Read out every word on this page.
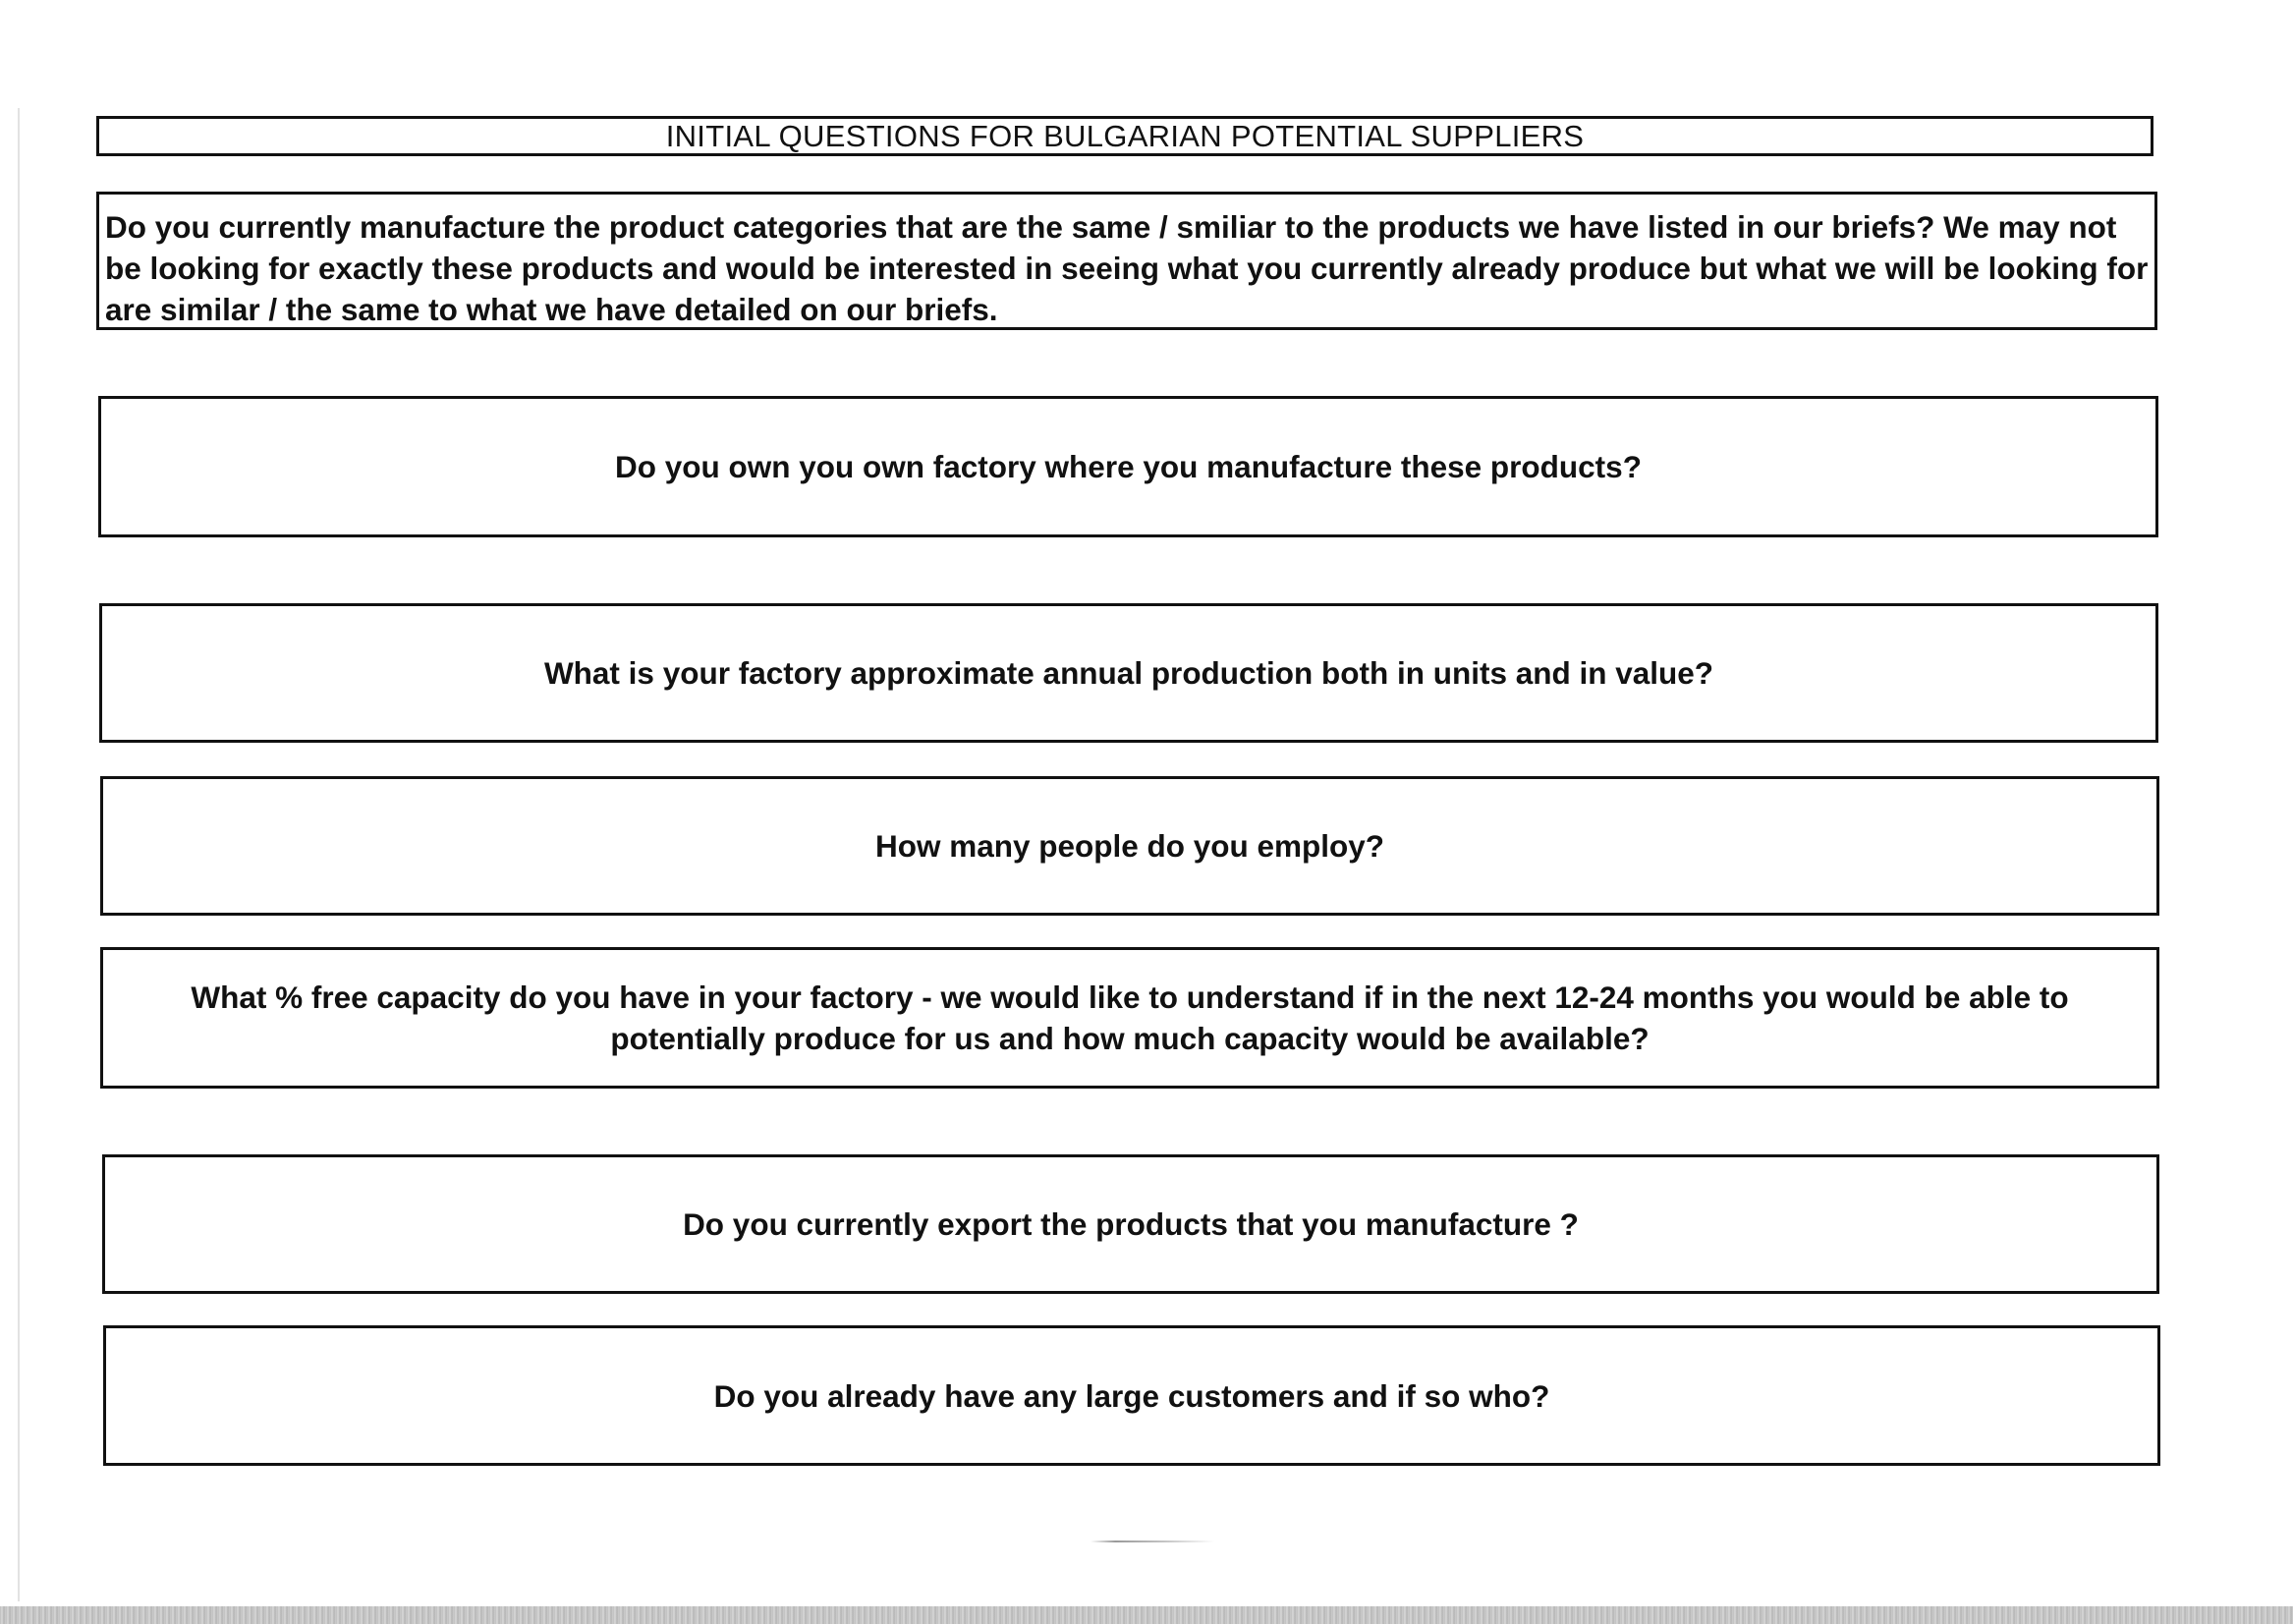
INITIAL QUESTIONS FOR BULGARIAN POTENTIAL SUPPLIERS
Do you currently manufacture the product categories that are the same / smiliar to the products we have listed in our briefs? We may not be looking for exactly these products and would be interested in seeing what you currently already produce but what we will be looking for are similar / the same to what we have detailed on our briefs.
Do you own you own factory where you manufacture these products?
What is your factory approximate annual production both in units and in value?
How many people do you employ?
What % free capacity do you have in your factory - we would like to understand if in the next 12-24 months you would be able to potentially produce for us and how much capacity would be available?
Do you currently export the products that you manufacture ?
Do you already have any large customers and if so who?
